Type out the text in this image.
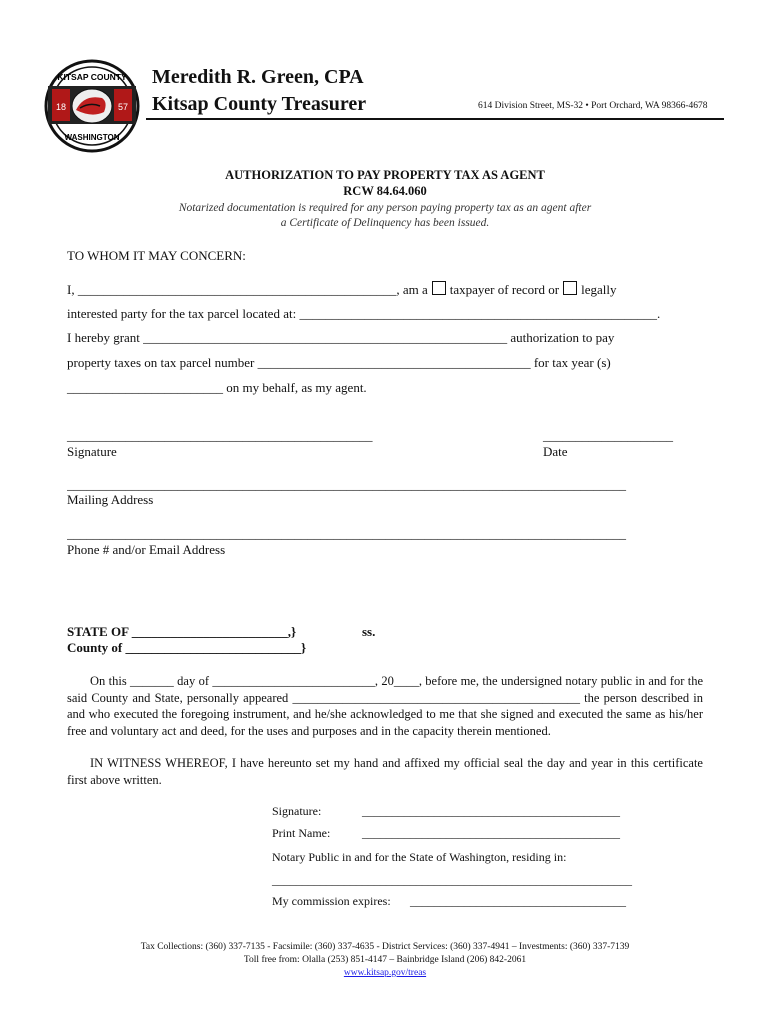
18	57
KITSAP COUNTY
WASHINGTON
Meredith R. Green, CPA
Kitsap County Treasurer	614 Division Street, MS-32 • Port Orchard, WA 98366-4678
AUTHORIZATION TO PAY PROPERTY TAX AS AGENT
RCW 84.64.060
Notarized documentation is required for any person paying property tax as an agent after
a Certificate of Delinquency has been issued.
TO WHOM IT MAY CONCERN:
I, _________________________________________________, am a taxpayer of record or legally
interested party for the tax parcel located at: _______________________________________________________.
I hereby grant ________________________________________________________ authorization to pay
property taxes on tax parcel number __________________________________________ for tax year (s)
________________________ on my behalf, as my agent.
_______________________________________________	____________________
Signature	Date
______________________________________________________________________________________
Mailing Address
______________________________________________________________________________________
Phone # and/or Email Address
STATE OF ________________________,}
County of ___________________________}
ss.
On this _______ day of __________________________, 20____, before me, the undersigned notary public in and for the said County and State, personally appeared ______________________________________________ the person described in and who executed the foregoing instrument, and he/she acknowledged to me that she signed and executed the same as his/her free and voluntary act and deed, for the uses and purposes and in the capacity therein mentioned.
IN WITNESS WHEREOF, I have hereunto set my hand and affixed my official seal the day and year in this certificate first above written.
Signature:	___________________________________________
Print Name:	___________________________________________
Notary Public in and for the State of Washington, residing in:
____________________________________________________________
My commission expires: ____________________________________
Tax Collections: (360) 337-7135 - Facsimile: (360) 337-4635 - District Services: (360) 337-4941 – Investments: (360) 337-7139
Toll free from: Olalla (253) 851-4147 – Bainbridge Island (206) 842-2061
www.kitsap.gov/treas
